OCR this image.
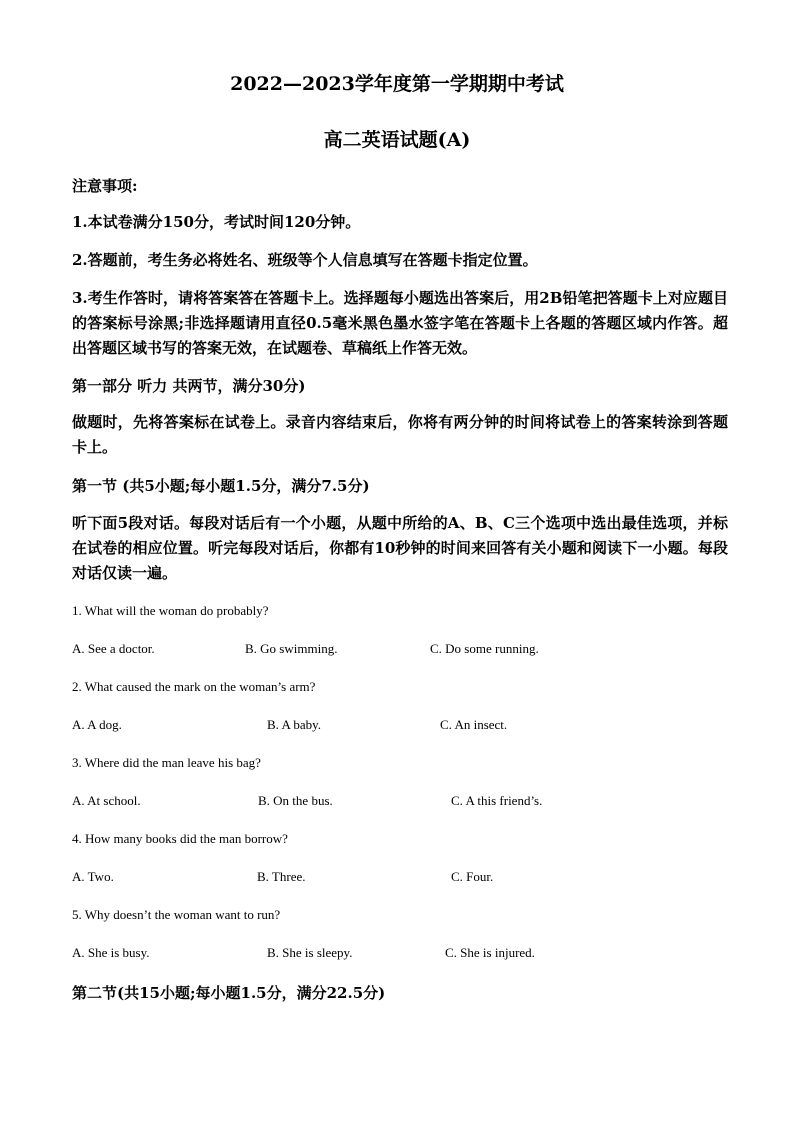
2022—2023学年度第一学期期中考试
高二英语试题(A)

注意事项:

1.本试卷满分150分，考试时间120分钟。

2.答题前，考生务必将姓名、班级等个人信息填写在答题卡指定位置。

3.考生作答时，请将答案答在答题卡上。选择题每小题选出答案后，用2B铅笔把答题卡上对应题目的答案标号涂黑;非选择题请用直径0.5毫米黑色墨水签字笔在答题卡上各题的答题区域内作答。超出答题区域书写的答案无效，在试题卷、草稿纸上作答无效。

第一部分 听力 共两节，满分30分)

做题时，先将答案标在试卷上。录音内容结束后，你将有两分钟的时间将试卷上的答案转涂到答题卡上。

第一节 (共5小题;每小题1.5分，满分7.5分)

听下面5段对话。每段对话后有一个小题，从题中所给的A、B、C三个选项中选出最佳选项，并标在试卷的相应位置。听完每段对话后，你都有10秒钟的时间来回答有关小题和阅读下一小题。每段对话仅读一遍。

1. What will the woman do probably?
A. See a doctor.	B. Go swimming.	C. Do some running.
2. What caused the mark on the woman’s arm?
A. A dog.	B. A baby.	C. An insect.
3. Where did the man leave his bag?
A. At school.	B. On the bus.	C. A this friend’s.
4. How many books did the man borrow?
A. Two.	B. Three.	C. Four.
5. Why doesn’t the woman want to run?
A. She is busy.	B. She is sleepy.	C. She is injured.

第二节(共15小题;每小题1.5分，满分22.5分)
